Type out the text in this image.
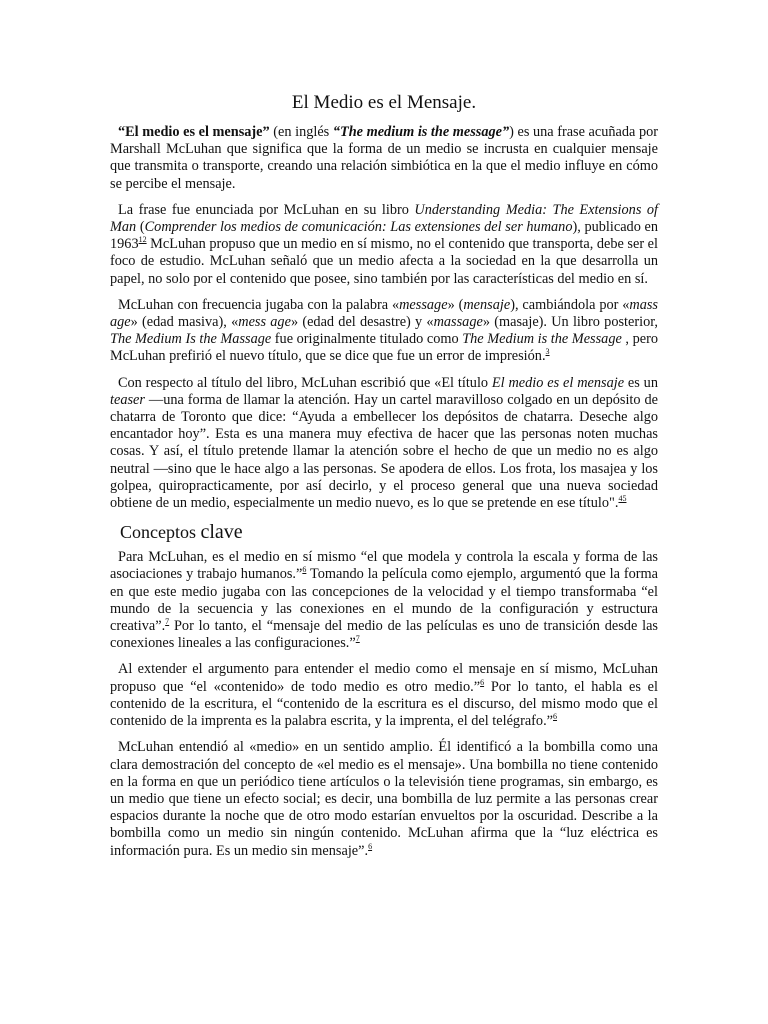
El Medio es el Mensaje.

“El medio es el mensaje” (en inglés “The medium is the message”) es una frase acuñada por Marshall McLuhan que significa que la forma de un medio se incrusta en cualquier mensaje que transmita o transporte, creando una relación simbiótica en la que el medio influye en cómo se percibe el mensaje.

La frase fue enunciada por McLuhan en su libro Understanding Media: The Extensions of Man (Comprender los medios de comunicación: Las extensiones del ser humano), publicado en 1963$^{12}$ McLuhan propuso que un medio en sí mismo, no el contenido que transporta, debe ser el foco de estudio. McLuhan señaló que un medio afecta a la sociedad en la que desarrolla un papel, no solo por el contenido que posee, sino también por las características del medio en sí.

McLuhan con frecuencia jugaba con la palabra «message» (mensaje), cambiándola por «mass age» (edad masiva), «mess age» (edad del desastre) y «massage» (masaje). Un libro posterior, The Medium Is the Massage fue originalmente titulado como The Medium is the Message , pero McLuhan prefirió el nuevo título, que se dice que fue un error de impresión.$^3$

Con respecto al título del libro, McLuhan escribió que «El título El medio es el mensaje es un teaser —una forma de llamar la atención. Hay un cartel maravilloso colgado en un depósito de chatarra de Toronto que dice: “Ayuda a embellecer los depósitos de chatarra. Deseche algo encantador hoy”. Esta es una manera muy efectiva de hacer que las personas noten muchas cosas. Y así, el título pretende llamar la atención sobre el hecho de que un medio no es algo neutral —sino que le hace algo a las personas. Se apodera de ellos. Los frota, los masajea y los golpea, quiropracticamente, por así decirlo, y el proceso general que una nueva sociedad obtiene de un medio, especialmente un medio nuevo, es lo que se pretende en ese título".$^{45}$

Conceptos clave

Para McLuhan, es el medio en sí mismo “el que modela y controla la escala y forma de las asociaciones y trabajo humanos.”$^6$ Tomando la película como ejemplo, argumentó que la forma en que este medio jugaba con las concepciones de la velocidad y el tiempo transformaba “el mundo de la secuencia y las conexiones en el mundo de la configuración y estructura creativa”.$^7$ Por lo tanto, el “mensaje del medio de las películas es uno de transición desde las conexiones lineales a las configuraciones.”$^7$

Al extender el argumento para entender el medio como el mensaje en sí mismo, McLuhan propuso que “el «contenido» de todo medio es otro medio.”$^6$ Por lo tanto, el habla es el contenido de la escritura, el “contenido de la escritura es el discurso, del mismo modo que el contenido de la imprenta es la palabra escrita, y la imprenta, el del telégrafo.”$^6$

McLuhan entendió al «medio» en un sentido amplio. Él identificó a la bombilla como una clara demostración del concepto de «el medio es el mensaje». Una bombilla no tiene contenido en la forma en que un periódico tiene artículos o la televisión tiene programas, sin embargo, es un medio que tiene un efecto social; es decir, una bombilla de luz permite a las personas crear espacios durante la noche que de otro modo estarían envueltos por la oscuridad. Describe a la bombilla como un medio sin ningún contenido. McLuhan afirma que la “luz eléctrica es información pura. Es un medio sin mensaje”.$^6$
